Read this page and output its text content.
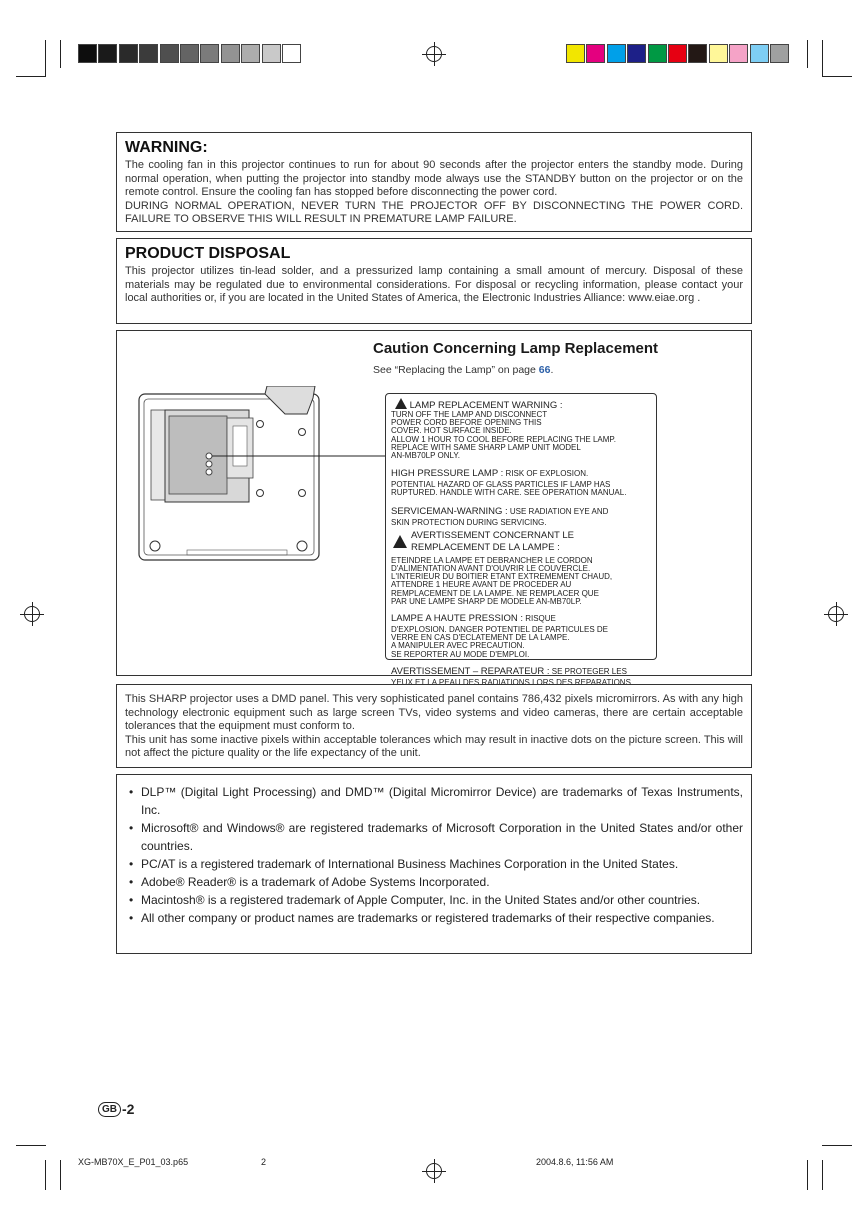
WARNING:
The cooling fan in this projector continues to run for about 90 seconds after the projector enters the standby mode. During normal operation, when putting the projector into standby mode always use the STANDBY button on the projector or on the remote control. Ensure the cooling fan has stopped before disconnecting the power cord.
DURING NORMAL OPERATION, NEVER TURN THE PROJECTOR OFF BY DISCONNECTING THE POWER CORD. FAILURE TO OBSERVE THIS WILL RESULT IN PREMATURE LAMP FAILURE.
PRODUCT DISPOSAL
This projector utilizes tin-lead solder, and a pressurized lamp containing a small amount of mercury. Disposal of these materials may be regulated due to environmental considerations. For disposal or recycling information, please contact your local authorities or, if you are located in the United States of America, the Electronic Industries Alliance: www.eiae.org .
Caution Concerning Lamp Replacement
See “Replacing the Lamp” on page 66.
LAMP REPLACEMENT WARNING :
TURN OFF THE LAMP AND DISCONNECT
POWER CORD BEFORE OPENING THIS
COVER. HOT SURFACE INSIDE.
ALLOW 1 HOUR TO COOL BEFORE REPLACING THE LAMP.
REPLACE WITH SAME SHARP LAMP UNIT MODEL
AN-MB70LP ONLY.
HIGH PRESSURE LAMP : RISK OF EXPLOSION.
POTENTIAL HAZARD OF GLASS PARTICLES IF LAMP HAS
RUPTURED. HANDLE WITH CARE. SEE OPERATION MANUAL.
SERVICEMAN-WARNING : USE RADIATION EYE AND
SKIN PROTECTION DURING SERVICING.
AVERTISSEMENT CONCERNANT LE
REMPLACEMENT DE LA LAMPE :
ETEINDRE LA LAMPE ET DEBRANCHER LE CORDON
D'ALIMENTATION AVANT D'OUVRIR LE COUVERCLE.
L'INTERIEUR DU BOITIER ETANT EXTREMEMENT CHAUD,
ATTENDRE 1 HEURE AVANT DE PROCEDER AU
REMPLACEMENT DE LA LAMPE. NE REMPLACER QUE
PAR UNE LAMPE SHARP DE MODELE AN-MB70LP.
LAMPE A HAUTE PRESSION : RISQUE
D'EXPLOSION. DANGER POTENTIEL DE PARTICULES DE
VERRE EN CAS D'ECLATEMENT DE LA LAMPE.
A MANIPULER AVEC PRECAUTION.
SE REPORTER AU MODE D'EMPLOI.
AVERTISSEMENT – REPARATEUR : SE PROTEGER LES
YEUX ET LA PEAU DES RADIATIONS LORS DES REPARATIONS.
This SHARP projector uses a DMD panel. This very sophisticated panel contains 786,432 pixels micromirrors. As with any high technology electronic equipment such as large screen TVs, video systems and video cameras, there are certain acceptable tolerances that the equipment must conform to.
This unit has some inactive pixels within acceptable tolerances which may result in inactive dots on the picture screen. This will not affect the picture quality or the life expectancy of the unit.
• DLP™ (Digital Light Processing) and DMD™ (Digital Micromirror Device) are trademarks of Texas Instruments, Inc.
• Microsoft® and Windows® are registered trademarks of Microsoft Corporation in the United States and/or other countries.
• PC/AT is a registered trademark of International Business Machines Corporation in the United States.
• Adobe® Reader® is a trademark of Adobe Systems Incorporated.
• Macintosh® is a registered trademark of Apple Computer, Inc. in the United States and/or other countries.
• All other company or product names are trademarks or registered trademarks of their respective companies.
GB -2
XG-MB70X_E_P01_03.p65	2	2004.8.6, 11:56 AM
